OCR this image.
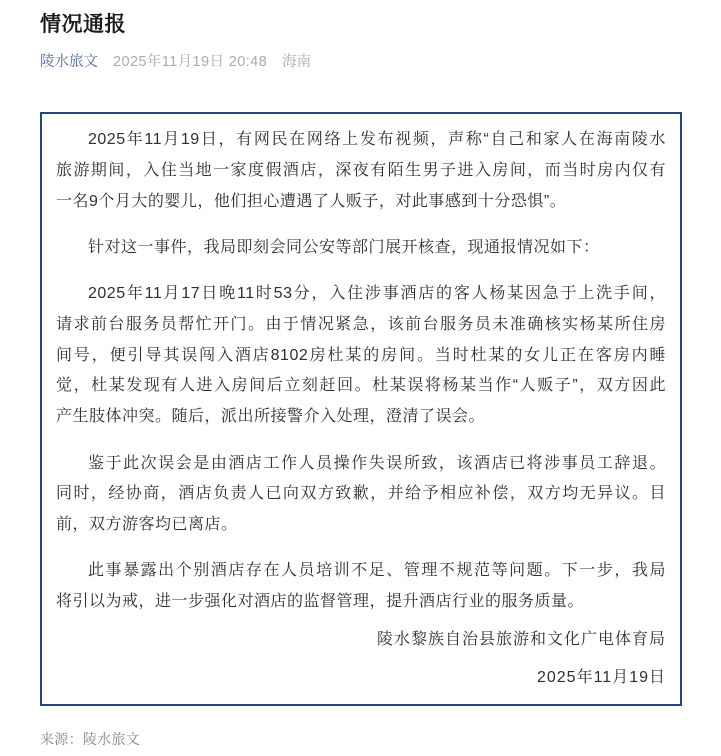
情况通报
陵水旅文 2025年11月19日 20:48 海南
2025年11月19日，有网民在网络上发布视频，声称“自己和家人在海南陵水
旅游期间，入住当地一家度假酒店，深夜有陌生男子进入房间，而当时房内仅有
一名9个月大的婴儿，他们担心遭遇了人贩子，对此事感到十分恐惧”。
针对这一事件，我局即刻会同公安等部门展开核查，现通报情况如下：
2025年11月17日晚11时53分，入住涉事酒店的客人杨某因急于上洗手间，
请求前台服务员帮忙开门。由于情况紧急，该前台服务员未准确核实杨某所住房
间号，便引导其误闯入酒店8102房杜某的房间。当时杜某的女儿正在客房内睡
觉，杜某发现有人进入房间后立刻赶回。杜某误将杨某当作“人贩子”，双方因此
产生肢体冲突。随后，派出所接警介入处理，澄清了误会。
鉴于此次误会是由酒店工作人员操作失误所致，该酒店已将涉事员工辞退。
同时，经协商，酒店负责人已向双方致歉，并给予相应补偿，双方均无异议。目
前，双方游客均已离店。
此事暴露出个别酒店存在人员培训不足、管理不规范等问题。下一步，我局
将引以为戒，进一步强化对酒店的监督管理，提升酒店行业的服务质量。
陵水黎族自治县旅游和文化广电体育局
2025年11月19日
来源：陵水旅文
